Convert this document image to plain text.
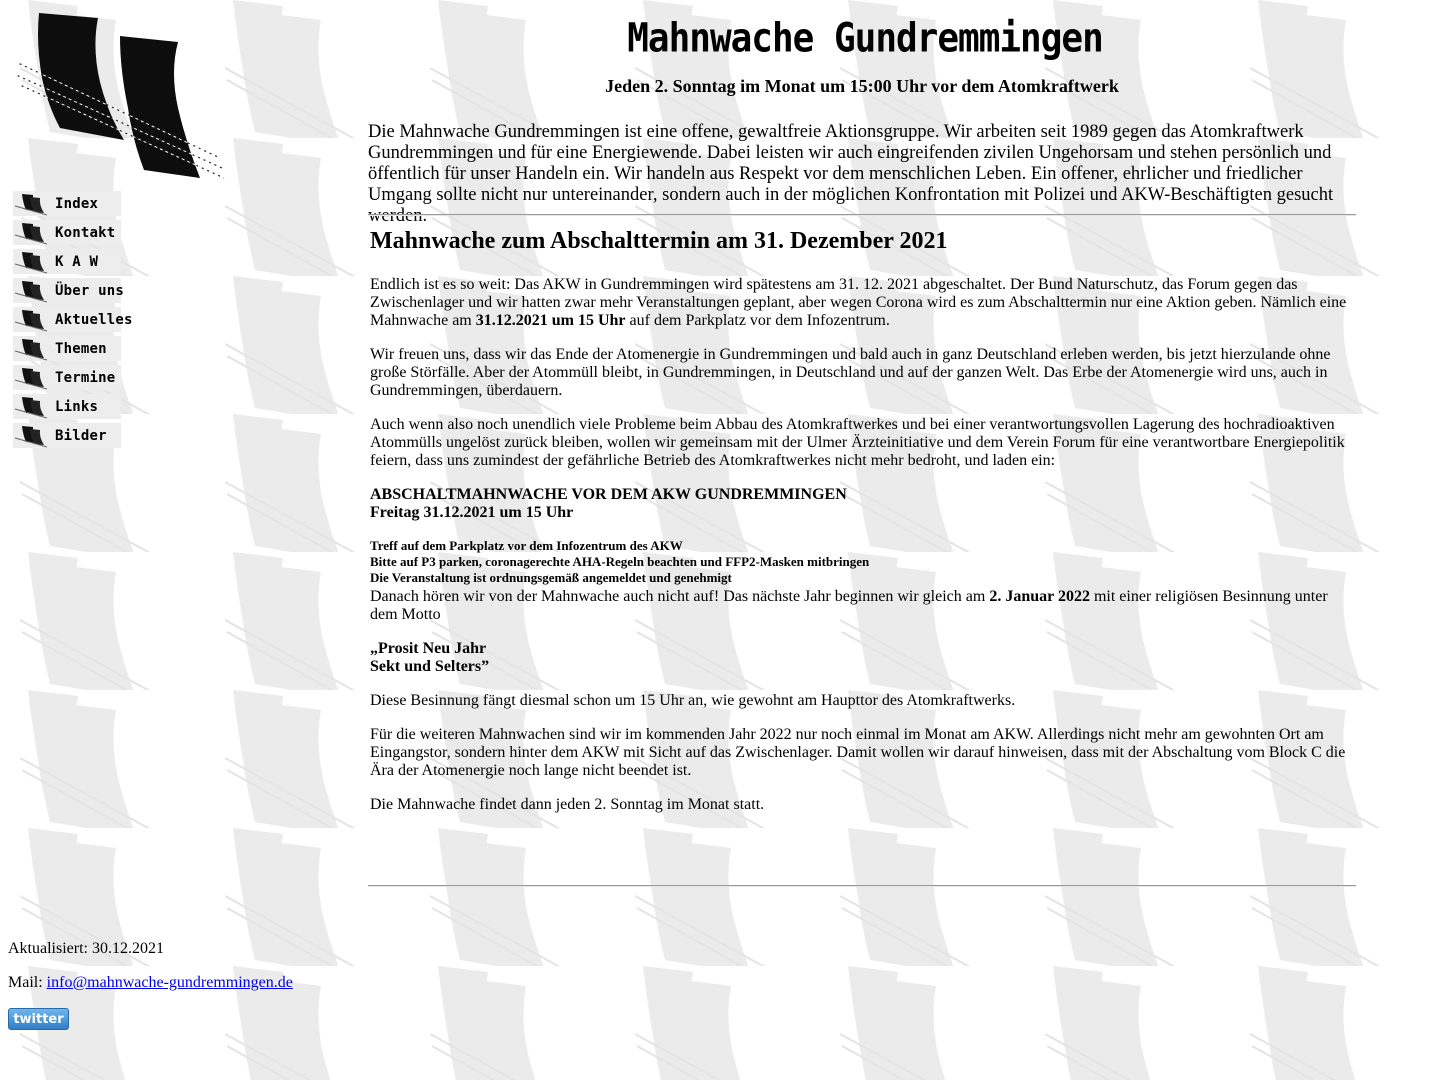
Index
Kontakt
K A W
Über uns
Aktuelles
Themen
Termine
Links
Bilder
Mahnwache Gundremmingen
Jeden 2. Sonntag im Monat um 15:00 Uhr vor dem Atomkraftwerk

Die Mahnwache Gundremmingen ist eine offene, gewaltfreie Aktionsgruppe. Wir arbeiten seit 1989 gegen das Atomkraftwerk Gundremmingen und für eine Energiewende. Dabei leisten wir auch eingreifenden zivilen Ungehorsam und stehen persönlich und öffentlich für unser Handeln ein. Wir handeln aus Respekt vor dem menschlichen Leben. Ein offener, ehrlicher und friedlicher Umgang sollte nicht nur untereinander, sondern auch in der möglichen Konfrontation mit Polizei und AKW-Beschäftigten gesucht werden.

Mahnwache zum Abschalttermin am 31. Dezember 2021

Endlich ist es so weit: Das AKW in Gundremmingen wird spätestens am 31. 12. 2021 abgeschaltet. Der Bund Naturschutz, das Forum gegen das Zwischenlager und wir hatten zwar mehr Veranstaltungen geplant, aber wegen Corona wird es zum Abschalttermin nur eine Aktion geben. Nämlich eine Mahnwache am 31.12.2021 um 15 Uhr auf dem Parkplatz vor dem Infozentrum.

Wir freuen uns, dass wir das Ende der Atomenergie in Gundremmingen und bald auch in ganz Deutschland erleben werden, bis jetzt hierzulande ohne große Störfälle. Aber der Atommüll bleibt, in Gundremmingen, in Deutschland und auf der ganzen Welt. Das Erbe der Atomenergie wird uns, auch in Gundremmingen, überdauern.

Auch wenn also noch unendlich viele Probleme beim Abbau des Atomkraftwerkes und bei einer verantwortungsvollen Lagerung des hochradioaktiven Atommülls ungelöst zurück bleiben, wollen wir gemeinsam mit der Ulmer Ärzteinitiative und dem Verein Forum für eine verantwortbare Energiepolitik feiern, dass uns zumindest der gefährliche Betrieb des Atomkraftwerkes nicht mehr bedroht, und laden ein:

ABSCHALTMAHNWACHE VOR DEM AKW GUNDREMMINGEN
Freitag 31.12.2021 um 15 Uhr

Treff auf dem Parkplatz vor dem Infozentrum des AKW

Bitte auf P3 parken, coronagerechte AHA-Regeln beachten und FFP2-Masken mitbringen

Die Veranstaltung ist ordnungsgemäß angemeldet und genehmigt

Danach hören wir von der Mahnwache auch nicht auf! Das nächste Jahr beginnen wir gleich am 2. Januar 2022 mit einer religiösen Besinnung unter dem Motto

„Prosit Neu Jahr
Sekt und Selters”

Diese Besinnung fängt diesmal schon um 15 Uhr an, wie gewohnt am Haupttor des Atomkraftwerks.

Für die weiteren Mahnwachen sind wir im kommenden Jahr 2022 nur noch einmal im Monat am AKW. Allerdings nicht mehr am gewohnten Ort am Eingangstor, sondern hinter dem AKW mit Sicht auf das Zwischenlager. Damit wollen wir darauf hinweisen, dass mit der Abschaltung vom Block C die Ära der Atomenergie noch lange nicht beendet ist.

Die Mahnwache findet dann jeden 2. Sonntag im Monat statt.

Aktualisiert: 30.12.2021

Mail: info@mahnwache-gundremmingen.de

twitter
